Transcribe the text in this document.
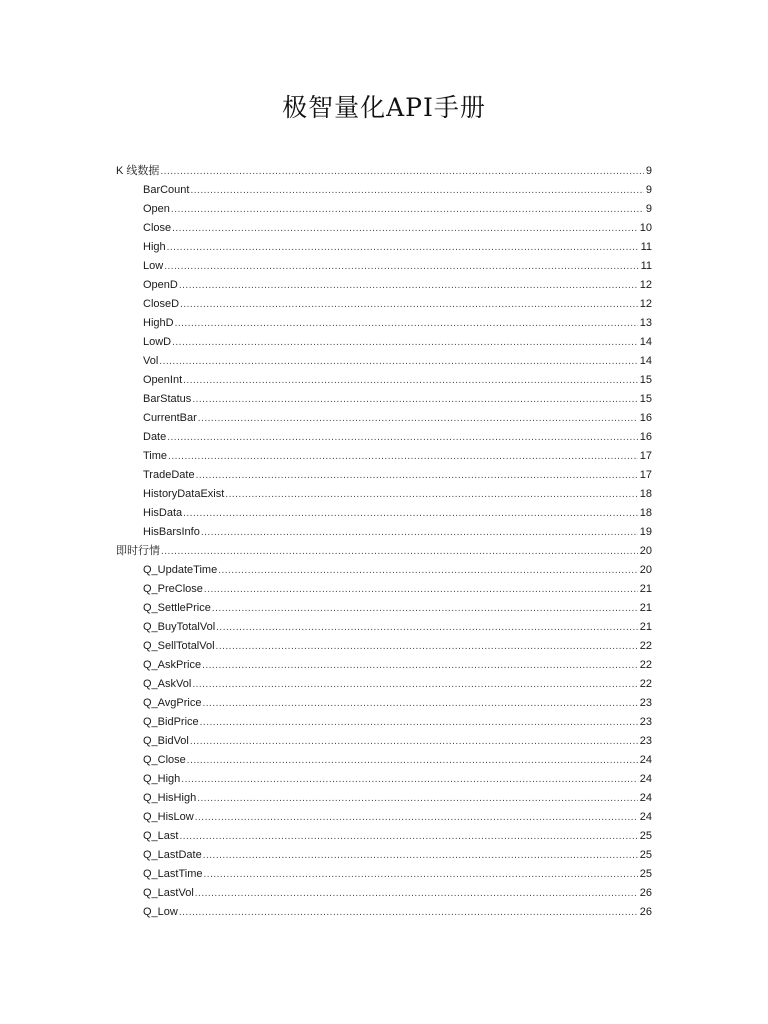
极智量化API手册
K 线数据 .....	9
BarCount .....	9
Open .....	9
Close .....	10
High .....	11
Low .....	11
OpenD .....	12
CloseD .....	12
HighD .....	13
LowD .....	14
Vol .....	14
OpenInt .....	15
BarStatus .....	15
CurrentBar .....	16
Date .....	16
Time .....	17
TradeDate .....	17
HistoryDataExist .....	18
HisData .....	18
HisBarsInfo .....	19
即时行情 .....	20
Q_UpdateTime .....	20
Q_PreClose .....	21
Q_SettlePrice .....	21
Q_BuyTotalVol .....	21
Q_SellTotalVol .....	22
Q_AskPrice .....	22
Q_AskVol .....	22
Q_AvgPrice .....	23
Q_BidPrice .....	23
Q_BidVol .....	23
Q_Close .....	24
Q_High .....	24
Q_HisHigh .....	24
Q_HisLow .....	24
Q_Last .....	25
Q_LastDate .....	25
Q_LastTime .....	25
Q_LastVol .....	26
Q_Low .....	26
